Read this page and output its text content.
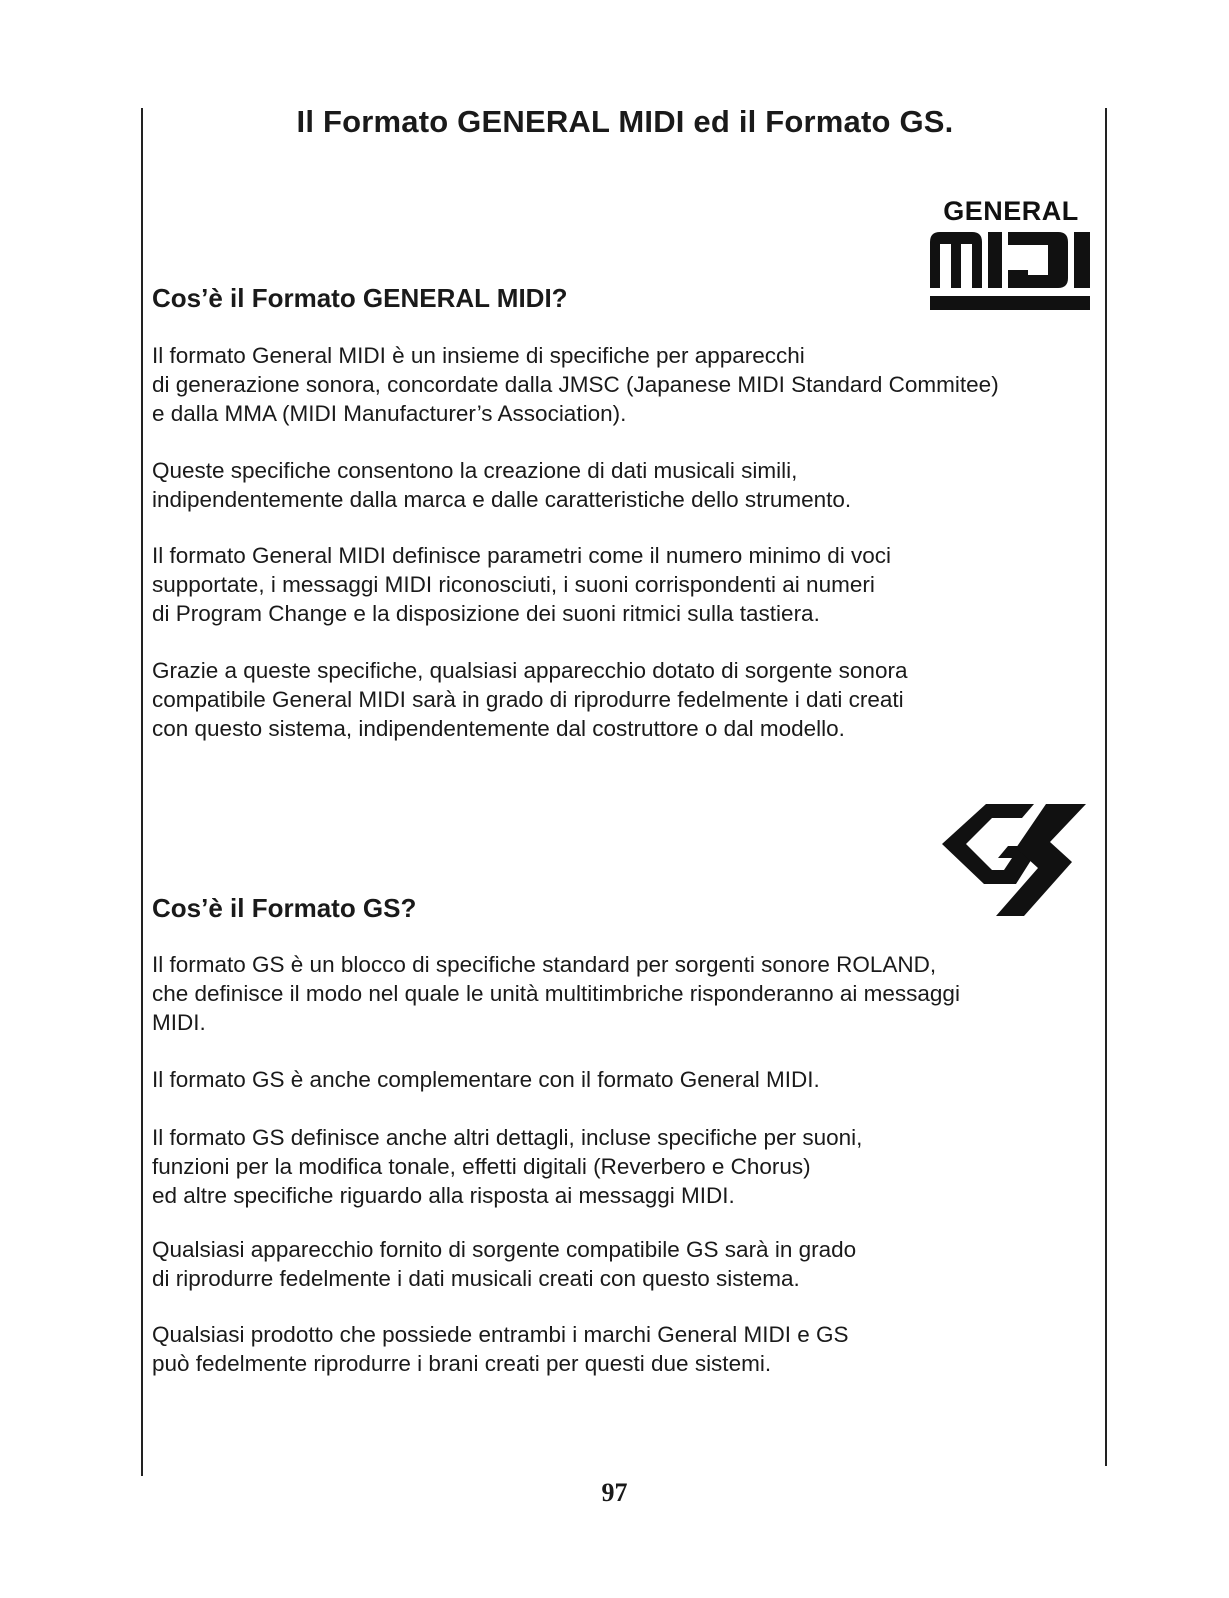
Il Formato GENERAL MIDI ed il Formato GS.
GENERAL
Cos’è il Formato GENERAL MIDI?
Il formato General MIDI è un insieme di specifiche per apparecchi
di generazione sonora, concordate dalla JMSC (Japanese MIDI Standard Commitee)
e dalla MMA (MIDI Manufacturer’s Association).
Queste specifiche consentono la creazione di dati musicali simili,
indipendentemente dalla marca e dalle caratteristiche dello strumento.
Il formato General MIDI definisce parametri come il numero minimo di voci
supportate, i messaggi MIDI riconosciuti, i suoni corrispondenti ai numeri
di Program Change e la disposizione dei suoni ritmici sulla tastiera.
Grazie a queste specifiche, qualsiasi apparecchio dotato di sorgente sonora
compatibile General MIDI sarà in grado di riprodurre fedelmente i dati creati
con questo sistema, indipendentemente dal costruttore o dal modello.
Cos’è il Formato GS?
Il formato GS è un blocco di specifiche standard per sorgenti sonore ROLAND,
che definisce il modo nel quale le unità multitimbriche risponderanno ai messaggi
MIDI.
Il formato GS è anche complementare con il formato General MIDI.
Il formato GS definisce anche altri dettagli, incluse specifiche per suoni,
funzioni per la modifica tonale, effetti digitali (Reverbero e Chorus)
ed altre specifiche riguardo alla risposta ai messaggi MIDI.
Qualsiasi apparecchio fornito di sorgente compatibile GS sarà in grado
di riprodurre fedelmente i dati musicali creati con questo sistema.
Qualsiasi prodotto che possiede entrambi i marchi General MIDI e GS
può fedelmente riprodurre i brani creati per questi due sistemi.
97
